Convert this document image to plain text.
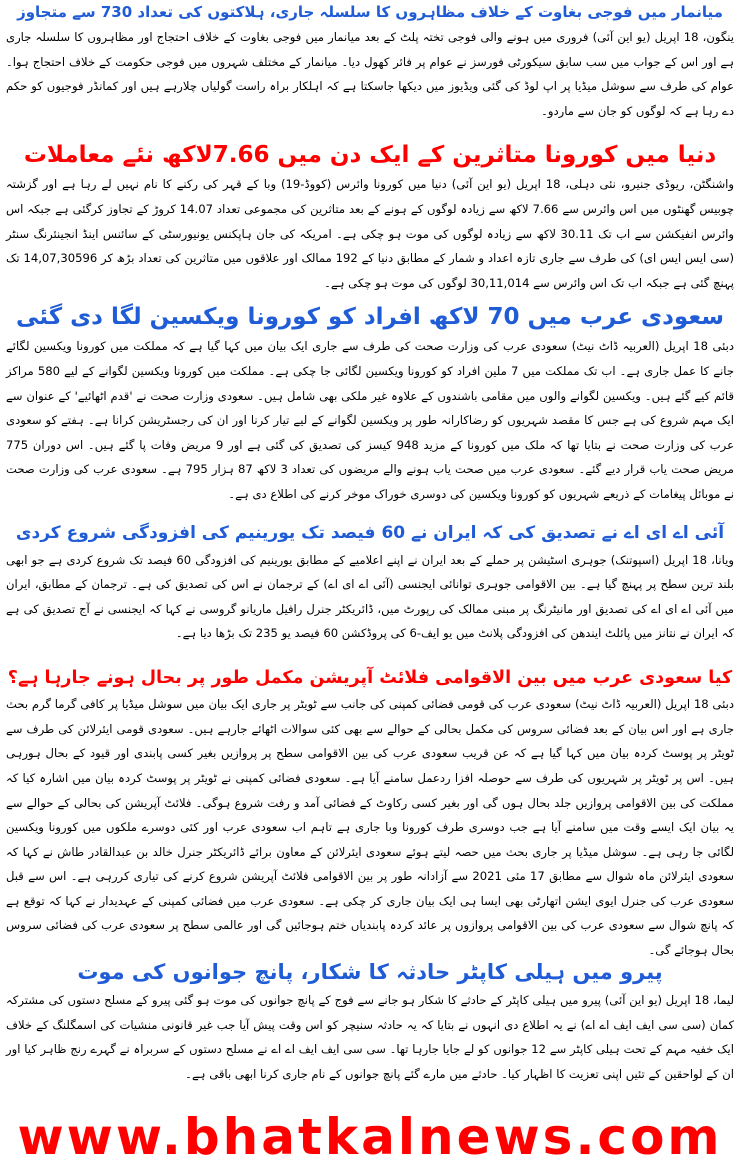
میانمار میں فوجی بغاوت کے خلاف مظاہروں کا سلسلہ جاری، ہلاکتوں کی تعداد 730 سے متجاوز

ینگون، 18 اپریل (یو این آئی) فروری میں ہونے والی فوجی تختہ پلٹ کے بعد میانمار میں فوجی بغاوت کے خلاف احتجاج اور مظاہروں کا سلسلہ جاری ہے اور اس کے جواب میں سب سابق سیکورٹی فورسز نے عوام پر فائر کھول دیا۔ میانمار کے مختلف شہروں میں فوجی حکومت کے خلاف احتجاج ہوا۔ عوام کی طرف سے سوشل میڈیا پر اپ لوڈ کی گئی ویڈیوز میں دیکھا جاسکتا ہے کہ اہلکار براہ راست گولیاں چلارہے ہیں اور کمانڈر فوجیوں کو حکم دے رہا ہے کہ لوگوں کو جان سے ماردو۔

دنیا میں کورونا متاثرین کے ایک دن میں 7.66لاکھ نئے معاملات

واشنگٹن، ریوڈی جنیرو، نئی دہلی، 18 اپریل (یو این آئی) دنیا میں کورونا وائرس (کووڈ-19) وبا کے قہر کی رکنے کا نام نہیں لے رہا ہے اور گزشتہ چوبیس گھنٹوں میں اس وائرس سے 7.66 لاکھ سے زیادہ لوگوں کے ہونے کے بعد متاثرین کی مجموعی تعداد 14.07 کروڑ کے تجاوز کرگئی ہے جبکہ اس وائرس انفیکشن سے اب تک 30.11 لاکھ سے زیادہ لوگوں کی موت ہو چکی ہے۔ امریکہ کی جان ہاپکنس یونیورسٹی کے سائنس اینڈ انجینئرنگ سنٹر (سی ایس ایس ای) کی طرف سے جاری تازہ اعداد و شمار کے مطابق دنیا کے 192 ممالک اور علاقوں میں متاثرین کی تعداد بڑھ کر 14,07,30596 تک پہنچ گئی ہے جبکہ اب تک اس وائرس سے 30,11,014 لوگوں کی موت ہو چکی ہے۔

سعودی عرب میں 70 لاکھ افراد کو کورونا ویکسین لگا دی گئی

دبئی 18 اپریل (العربیہ ڈاٹ نیٹ) سعودی عرب کی وزارت صحت کی طرف سے جاری ایک بیان میں کہا گیا ہے کہ مملکت میں کورونا ویکسین لگائے جانے کا عمل جاری ہے۔ اب تک مملکت میں 7 ملین افراد کو کورونا ویکسین لگائی جا چکی ہے۔ مملکت میں کورونا ویکسین لگوانے کے لیے 580 مراکز قائم کیے گئے ہیں۔ ویکسین لگوانے والوں میں مقامی باشندوں کے علاوہ غیر ملکی بھی شامل ہیں۔ سعودی وزارت صحت نے 'قدم اٹھائیے' کے عنوان سے ایک مہم شروع کی ہے جس کا مقصد شہریوں کو رضاکارانہ طور پر ویکسین لگوانے کے لیے تیار کرنا اور ان کی رجسٹریشن کرانا ہے۔ ہفتے کو سعودی عرب کی وزارت صحت نے بتایا تھا کہ ملک میں کورونا کے مزید 948 کیسز کی تصدیق کی گئی ہے اور 9 مریض وفات پا گئے ہیں۔ اس دوران 775 مریض صحت یاب قرار دیے گئے۔ سعودی عرب میں صحت یاب ہونے والے مریضوں کی تعداد 3 لاکھ 87 ہزار 795 ہے۔ سعودی عرب کی وزارت صحت نے موبائل پیغامات کے ذریعے شہریوں کو کورونا ویکسین کی دوسری خوراک موخر کرنے کی اطلاع دی ہے۔

آئی اے ای اے نے تصدیق کی کہ ایران نے 60 فیصد تک یورینیم کی افزودگی شروع کردی

ویانا، 18 اپریل (اسپوتنک) جوہری اسٹیشن پر حملے کے بعد ایران نے اپنے اعلامیے کے مطابق یورینیم کی افزودگی 60 فیصد تک شروع کردی ہے جو ابھی بلند ترین سطح پر پہنچ گیا ہے۔ بین الاقوامی جوہری توانائی ایجنسی (آئی اے ای اے) کے ترجمان نے اس کی تصدیق کی ہے۔ ترجمان کے مطابق، ایران میں آئی اے ای اے کی تصدیق اور مانیٹرنگ پر مبنی ممالک کی رپورٹ میں، ڈائریکٹر جنرل رافیل ماریانو گروسی نے کہا کہ ایجنسی نے آج تصدیق کی ہے کہ ایران نے نتانز میں پائلٹ ایندھن کی افزودگی پلانٹ میں یو ایف-6 کی پروڈکشن 60 فیصد یو 235 تک بڑھا دیا ہے۔

کیا سعودی عرب میں بین الاقوامی فلائٹ آپریشن مکمل طور پر بحال ہونے جارہا ہے؟

دبئی 18 اپریل (العربیہ ڈاٹ نیٹ) سعودی عرب کی قومی فضائی کمپنی کی جانب سے ٹویٹر پر جاری ایک بیان میں سوشل میڈیا پر کافی گرما گرم بحث جاری ہے اور اس بیان کے بعد فضائی سروس کی مکمل بحالی کے حوالے سے بھی کئی سوالات اٹھائے جارہے ہیں۔ سعودی قومی ایئرلائن کی طرف سے ٹویٹر پر پوسٹ کردہ بیان میں کہا گیا ہے کہ عن قریب سعودی عرب کی بین الاقوامی سطح پر پروازیں بغیر کسی پابندی اور قیود کے بحال ہورہی ہیں۔ اس پر ٹویٹر پر شہریوں کی طرف سے حوصلہ افزا ردعمل سامنے آیا ہے۔ سعودی فضائی کمپنی نے ٹویٹر پر پوسٹ کردہ بیان میں اشارہ کیا کہ مملکت کی بین الاقوامی پروازیں جلد بحال ہوں گی اور بغیر کسی رکاوٹ کے فضائی آمد و رفت شروع ہوگی۔ فلائٹ آپریشن کی بحالی کے حوالے سے یہ بیان ایک ایسے وقت میں سامنے آیا ہے جب دوسری طرف کورونا وبا جاری ہے تاہم اب سعودی عرب اور کئی دوسرے ملکوں میں کورونا ویکسین لگائی جا رہی ہے۔ سوشل میڈیا پر جاری بحث میں حصہ لیتے ہوئے سعودی ایئرلائن کے معاون برائے ڈائریکٹر جنرل خالد بن عبدالقادر طاش نے کہا کہ سعودی ایئرلائن ماہ شوال سے مطابق 17 مئی 2021 سے آزادانہ طور پر بین الاقوامی فلائٹ آپریشن شروع کرنے کی تیاری کررہی ہے۔ اس سے قبل سعودی عرب کی جنرل ایوی ایشن اتھارٹی بھی ایسا ہی ایک بیان جاری کر چکی ہے۔ سعودی عرب میں فضائی کمپنی کے عہدیدار نے کہا کہ توقع ہے کہ پانچ شوال سے سعودی عرب کی بین الاقوامی پروازوں پر عائد کردہ پابندیاں ختم ہوجائیں گی اور عالمی سطح پر سعودی عرب کی فضائی سروس بحال ہوجائے گی۔

پیرو میں ہیلی کاپٹر حادثہ کا شکار، پانچ جوانوں کی موت

لیما، 18 اپریل (یو این آئی) پیرو میں ہیلی کاپٹر کے حادثے کا شکار ہو جانے سے فوج کے پانچ جوانوں کی موت ہو گئی پیرو کے مسلح دستوں کی مشترکہ کمان (سی سی ایف ایف اے اے) نے یہ اطلاع دی انہوں نے بتایا کہ یہ حادثہ سنیچر کو اس وقت پیش آیا جب غیر قانونی منشیات کی اسمگلنگ کے خلاف ایک خفیہ مہم کے تحت ہیلی کاپٹر سے 12 جوانوں کو لے جایا جارہا تھا۔ سی سی ایف ایف اے اے نے مسلح دستوں کے سربراہ نے گہرے رنج ظاہر کیا اور ان کے لواحقین کے تئیں اپنی تعزیت کا اظہار کیا۔ حادثے میں مارے گئے پانچ جوانوں کے نام جاری کرنا ابھی باقی ہے۔

www.bhatkalnews.com
